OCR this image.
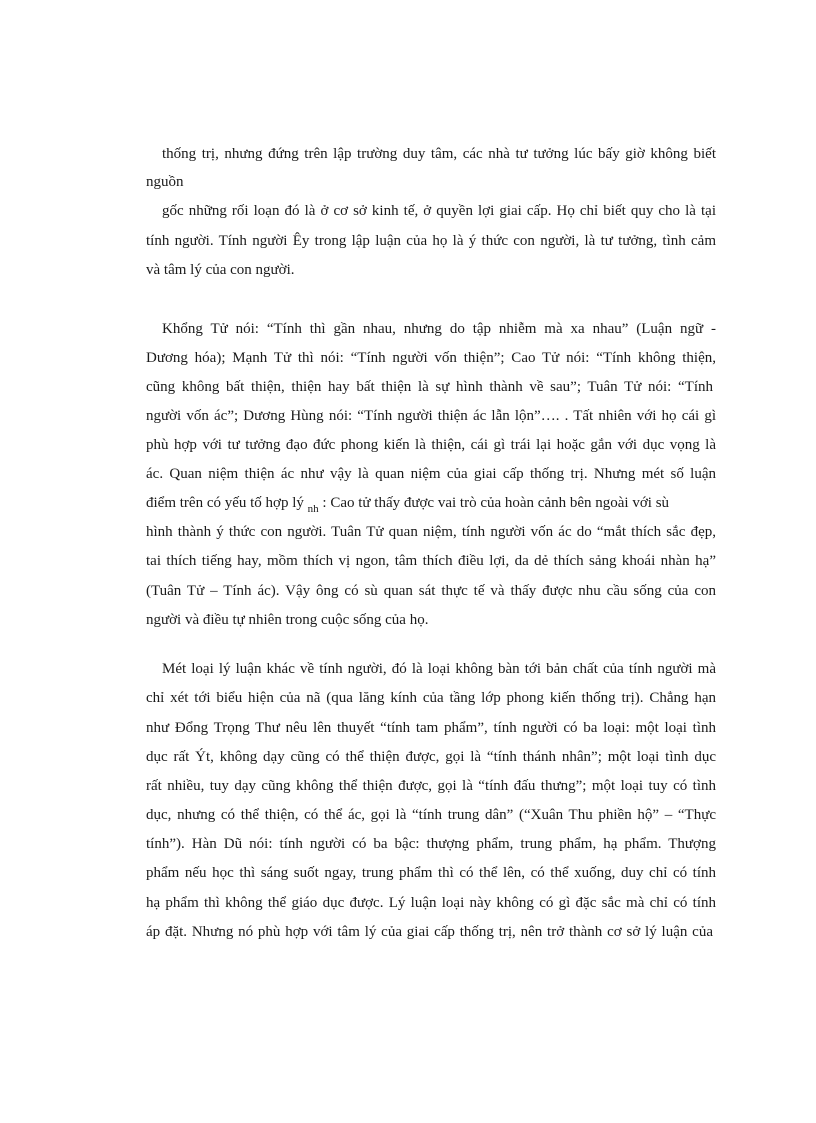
thống trị, nhưng đứng trên lập trường duy tâm, các nhà tư tưởng lúc bấy giờ không biết
nguồn
gốc những rối loạn đó là ở cơ sở kinh tế, ở quyền lợi giai cấp. Họ chỉ biết quy cho là tại
tính người. Tính người Êy trong lập luận của họ là ý thức con người, là tư tưởng, tình cảm
và tâm lý của con người.
Khổng Tử nói: “Tính thì gần nhau, nhưng do tập nhiễm mà xa nhau” (Luận ngữ -
Dương hóa); Mạnh Tử thì nói: “Tính người vốn thiện”; Cao Tử nói: “Tính không thiện,
cũng không bất thiện, thiện hay bất thiện là sự hình thành về sau”; Tuân Tử nói: “Tính
người vốn ác”; Dương Hùng nói: “Tính người thiện ác lẫn lộn”…. . Tất nhiên với họ cái gì
phù hợp với tư tưởng đạo đức phong kiến là thiện, cái gì trái lại hoặc gắn với dục vọng là
ác. Quan niệm thiện ác như vậy là quan niệm của giai cấp thống trị. Nhưng mét số luận
điểm trên có yếu tố hợp lý $_{nh}$ : Cao tử thấy được vai trò của hoàn cảnh bên ngoài với sù
hình thành ý thức con người. Tuân Tử quan niệm, tính người vốn ác do “mắt thích sắc đẹp,
tai thích tiếng hay, mồm thích vị ngon, tâm thích điều lợi, da dẻ thích sảng khoái nhàn hạ”
(Tuân Tử – Tính ác). Vậy ông có sù quan sát thực tế và thấy được nhu cầu sống của con
người và điều tự nhiên trong cuộc sống của họ.
Mét loại lý luận khác về tính người, đó là loại không bàn tới bản chất của tính người mà
chỉ xét tới biểu hiện của nã (qua lăng kính của tầng lớp phong kiến thống trị). Chẳng hạn
như Đổng Trọng Thư nêu lên thuyết “tính tam phẩm”, tính người có ba loại: một loại tình
dục rất Ýt, không dạy cũng có thể thiện được, gọi là “tính thánh nhân”; một loại tình dục
rất nhiều, tuy dạy cũng không thể thiện được, gọi là “tính đấu thưng”; một loại tuy có tình
dục, nhưng có thể thiện, có thể ác, gọi là “tính trung dân” (“Xuân Thu phiền hộ” – “Thực
tính”). Hàn Dũ nói: tính người có ba bậc: thượng phẩm, trung phẩm, hạ phẩm. Thượng
phẩm nếu học thì sáng suốt ngay, trung phẩm thì có thể lên, có thể xuống, duy chỉ có tính
hạ phẩm thì không thể giáo dục được. Lý luận loại này không có gì đặc sắc mà chỉ có tính
áp đặt. Nhưng nó phù hợp với tâm lý của giai cấp thống trị, nên trở thành cơ sở lý luận của
